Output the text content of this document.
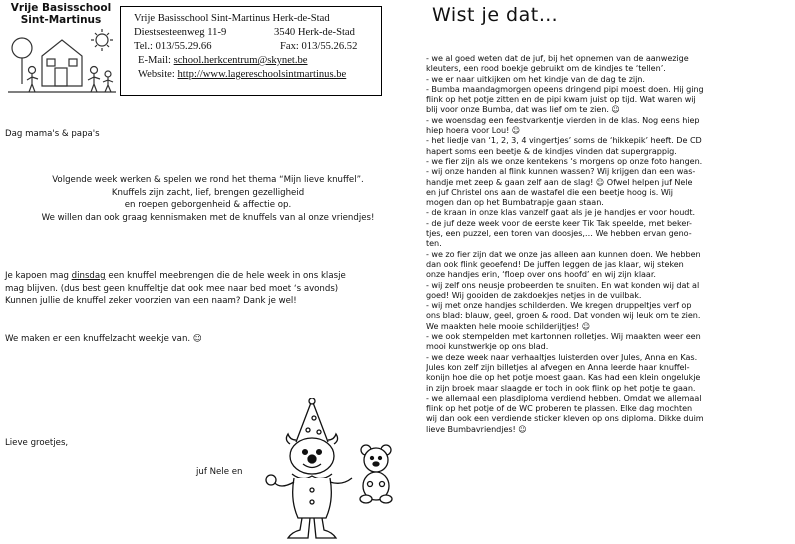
Vrije Basisschool
Sint-Martinus	Vrije Basisschool Sint-Martinus Herk-de-Stad
Diestsesteenweg 11-9	3540 Herk-de-Stad
Tel.: 013/55.29.66	Fax: 013/55.26.52
E-Mail: school.herkcentrum@skynet.be
Website: http://www.lagereschoolsintmartinus.be
Dag mama's & papa's
Volgende week werken & spelen we rond het thema “Mijn lieve knuffel”.
Knuffels zijn zacht, lief, brengen gezelligheid
en roepen geborgenheid & affectie op.
We willen dan ook graag kennismaken met de knuffels van al onze vriendjes!
Je kapoen mag dinsdag een knuffel meebrengen die de hele week in ons klasje
mag blijven. (dus best geen knuffeltje dat ook mee naar bed moet ‘s avonds)
Kunnen jullie de knuffel zeker voorzien van een naam? Dank je wel!
We maken er een knuffelzacht weekje van. ☺
Lieve groetjes,
juf Nele en
Wist je dat…
- we al goed weten dat de juf, bij het opnemen van de aanwezige
kleuters, een rood boekje gebruikt om de kindjes te ‘tellen’.
- we er naar uitkijken om het kindje van de dag te zijn.
- Bumba maandagmorgen opeens dringend pipi moest doen. Hij ging
flink op het potje zitten en de pipi kwam juist op tijd. Wat waren wij
blij voor onze Bumba, dat was lief om te zien. ☺
- we woensdag een feestvarkentje vierden in de klas. Nog eens hiep
hiep hoera voor Lou! ☺
- het liedje van ‘1, 2, 3, 4 vingertjes’ soms de ‘hikkepik’ heeft. De CD
hapert soms een beetje & de kindjes vinden dat supergrappig.
- we fier zijn als we onze kentekens ‘s morgens op onze foto hangen.
- wij onze handen al flink kunnen wassen? Wij krijgen dan een was-
handje met zeep & gaan zelf aan de slag! ☺ Ofwel helpen juf Nele
en juf Christel ons aan de wastafel die een beetje hoog is. Wij
mogen dan op het Bumbatrapje gaan staan.
- de kraan in onze klas vanzelf gaat als je je handjes er voor houdt.
- de juf deze week voor de eerste keer Tik Tak speelde, met beker-
tjes, een puzzel, een toren van doosjes,… We hebben ervan geno-
ten.
- we zo fier zijn dat we onze jas alleen aan kunnen doen. We hebben
dan ook flink geoefend! De juffen leggen de jas klaar, wij steken
onze handjes erin, ‘floep over ons hoofd’ en wij zijn klaar.
- wij zelf ons neusje probeerden te snuiten. En wat konden wij dat al
goed! Wij gooiden de zakdoekjes netjes in de vuilbak.
- wij met onze handjes schilderden. We kregen druppeltjes verf op
ons blad: blauw, geel, groen & rood. Dat vonden wij leuk om te zien.
We maakten hele mooie schilderijtjes! ☺
- we ook stempelden met kartonnen rolletjes. Wij maakten weer een
mooi kunstwerkje op ons blad.
- we deze week naar verhaaltjes luisterden over Jules, Anna en Kas.
Jules kon zelf zijn billetjes al afvegen en Anna leerde haar knuffel-
konijn hoe die op het potje moest gaan. Kas had een klein ongelukje
in zijn broek maar slaagde er toch in ook flink op het potje te gaan.
- we allemaal een plasdiploma verdiend hebben. Omdat we allemaal
flink op het potje of de WC proberen te plassen. Elke dag mochten
wij dan ook een verdiende sticker kleven op ons diploma. Dikke duim
lieve Bumbavriendjes! ☺
